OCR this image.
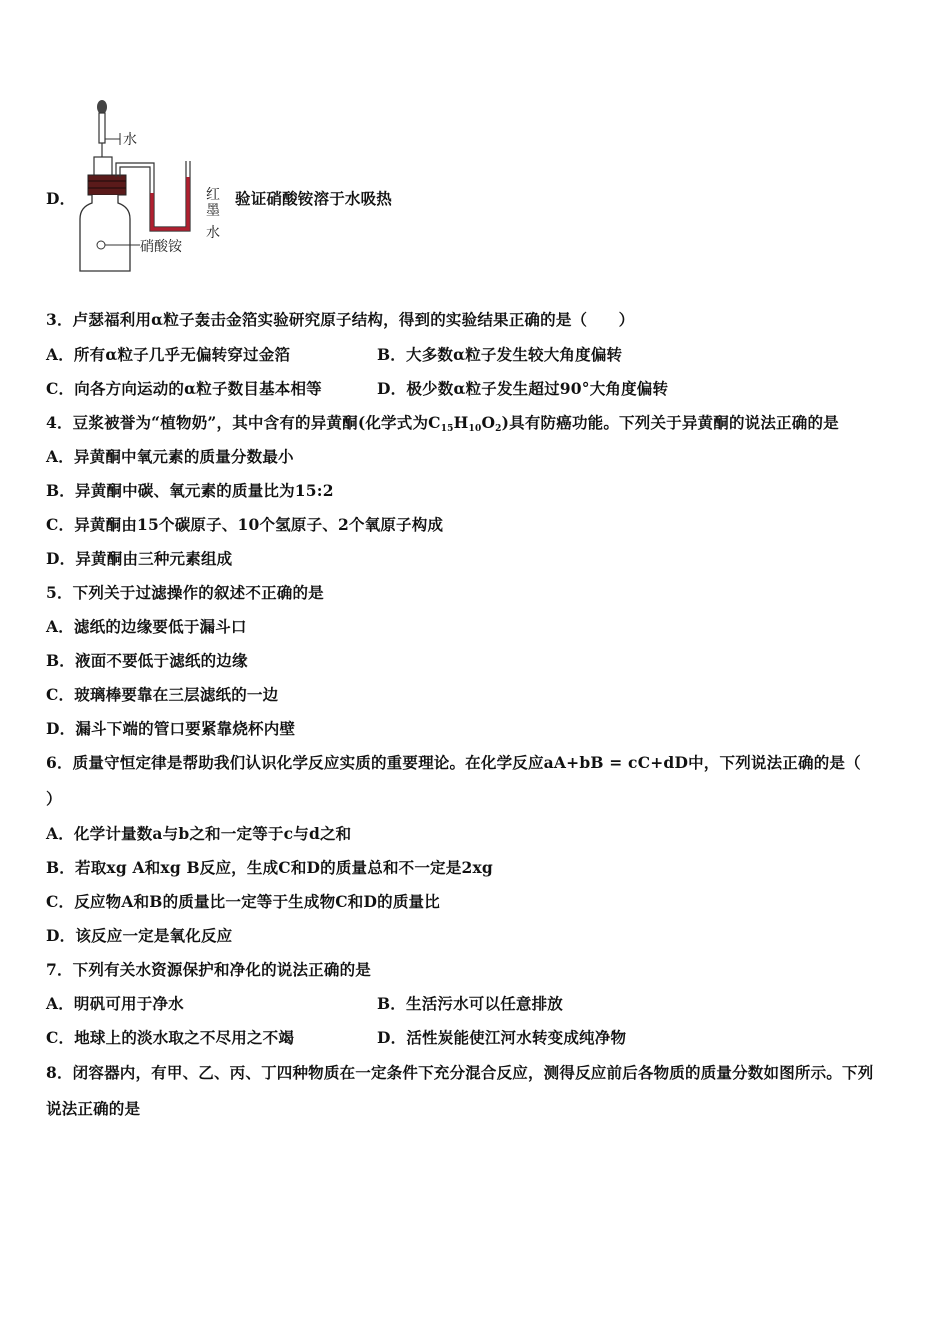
D．
水
硝酸铵
红
墨
水
验证硝酸铵溶于水吸热
3．卢瑟福利用α粒子轰击金箔实验研究原子结构，得到的实验结果正确的是（　　）
A．所有α粒子几乎无偏转穿过金箔	B．大多数α粒子发生较大角度偏转
C．向各方向运动的α粒子数目基本相等	D．极少数α粒子发生超过90°大角度偏转
4．豆浆被誉为“植物奶”，其中含有的异黄酮(化学式为$C_{15}H_{10}O_2$)具有防癌功能。下列关于异黄酮的说法正确的是
A．异黄酮中氧元素的质量分数最小
B．异黄酮中碳、氧元素的质量比为15:2
C．异黄酮由15个碳原子、10个氢原子、2个氧原子构成
D．异黄酮由三种元素组成
5．下列关于过滤操作的叙述不正确的是
A．滤纸的边缘要低于漏斗口
B．液面不要低于滤纸的边缘
C．玻璃棒要靠在三层滤纸的一边
D．漏斗下端的管口要紧靠烧杯内壁
6．质量守恒定律是帮助我们认识化学反应实质的重要理论。在化学反应aA+bB = cC+dD中，下列说法正确的是（
）
A．化学计量数a与b之和一定等于c与d之和
B．若取xg A和xg B反应，生成C和D的质量总和不一定是2xg
C．反应物A和B的质量比一定等于生成物C和D的质量比
D．该反应一定是氧化反应
7．下列有关水资源保护和净化的说法正确的是
A．明矾可用于净水	B．生活污水可以任意排放
C．地球上的淡水取之不尽用之不竭	D．活性炭能使江河水转变成纯净物
8．闭容器内，有甲、乙、丙、丁四种物质在一定条件下充分混合反应，测得反应前后各物质的质量分数如图所示。下列
说法正确的是
